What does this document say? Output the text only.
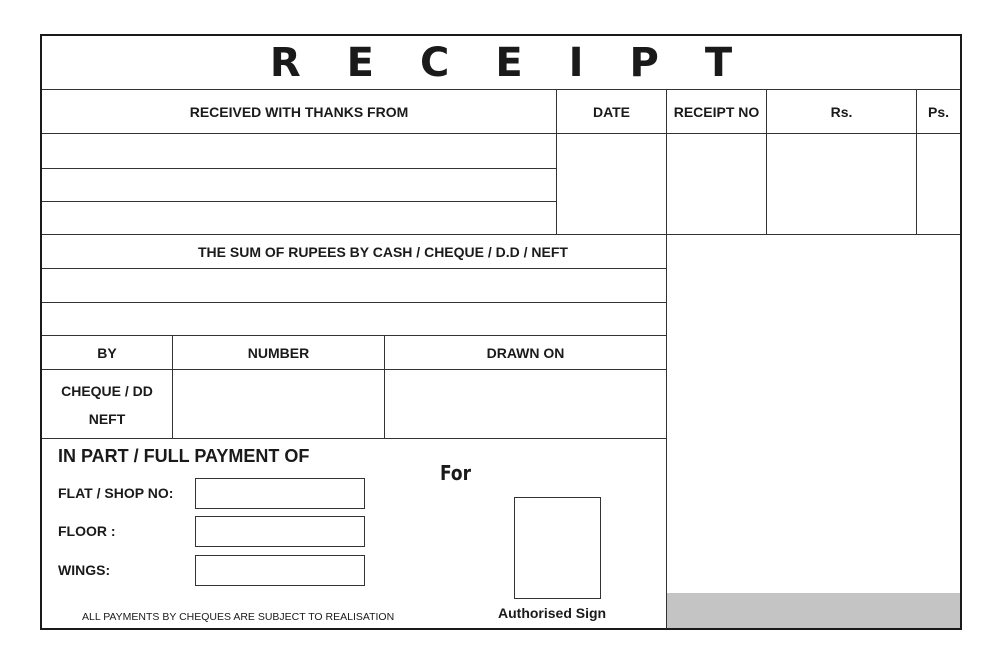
R E C E I P T
RECEIVED WITH THANKS FROM	DATE	RECEIPT NO	Rs.	Ps.
THE SUM OF RUPEES BY CASH / CHEQUE / D.D / NEFT
BY	NUMBER	DRAWN ON
CHEQUE / DD
NEFT
IN PART / FULL PAYMENT OF
FLAT / SHOP NO:
FLOOR :
WINGS:
ALL PAYMENTS BY CHEQUES ARE SUBJECT TO REALISATION
For
Authorised Sign
